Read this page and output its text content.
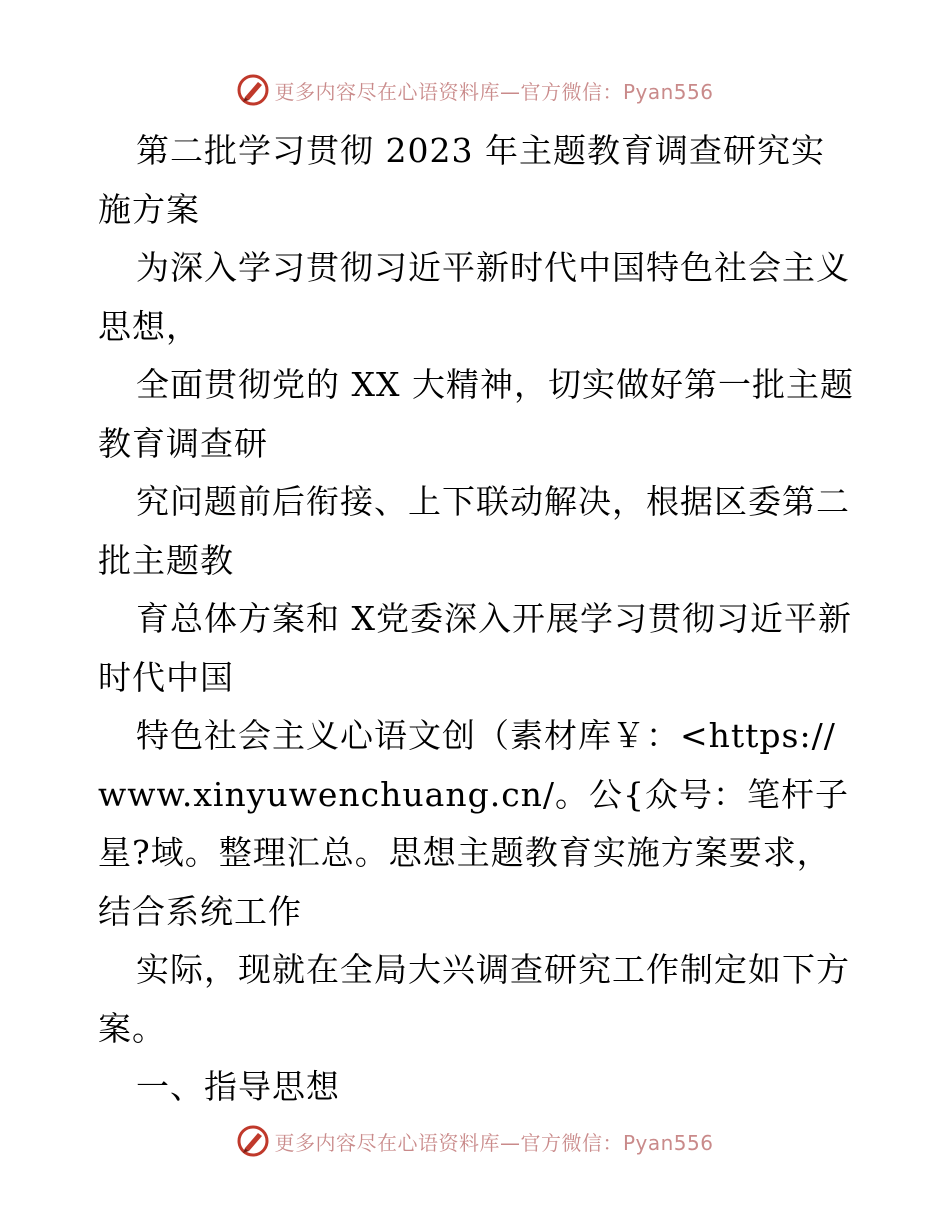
更多内容尽在心语资料库—官方微信：Pyan556

第二批学习贯彻 2023 年主题教育调查研究实施方案

为深入学习贯彻习近平新时代中国特色社会主义思想，

全面贯彻党的 XX 大精神，切实做好第一批主题教育调查研

究问题前后衔接、上下联动解决，根据区委第二批主题教

育总体方案和 X党委深入开展学习贯彻习近平新时代中国

特色社会主义心语文创（素材库￥：<https://www.xinyuwenchuang.cn/。公{众号：笔杆子星?域。整理汇总。思想主题教育实施方案要求，结合系统工作

实际，现就在全局大兴调查研究工作制定如下方案。

一、指导思想

更多内容尽在心语资料库—官方微信：Pyan556
